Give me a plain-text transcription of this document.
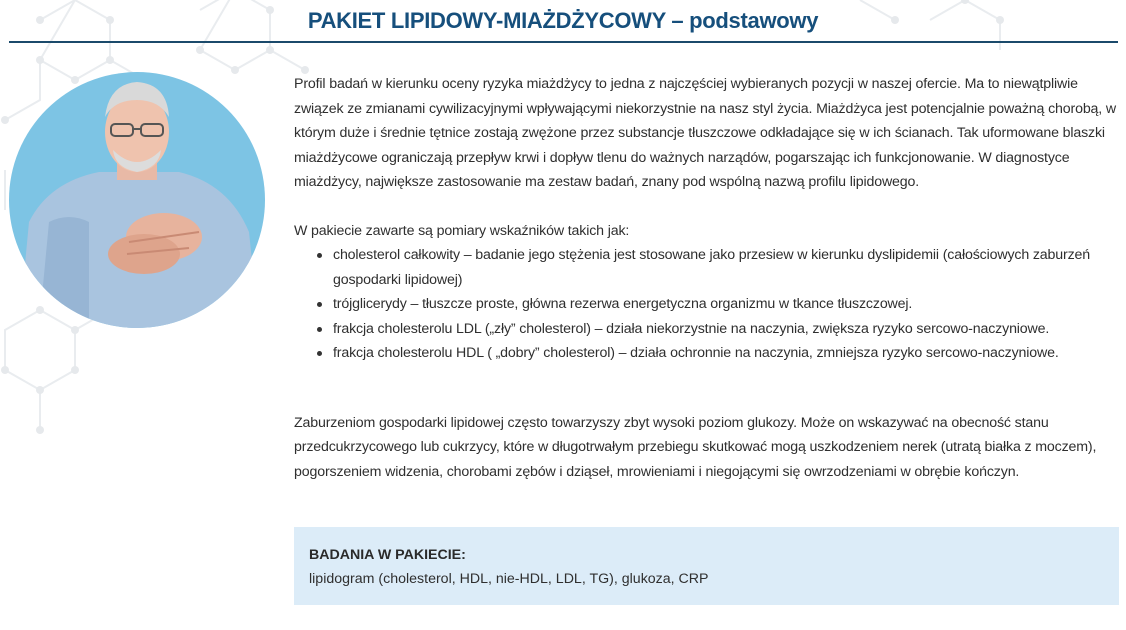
PAKIET LIPIDOWY-MIAŻDŻYCOWY – podstawowy

Profil badań w kierunku oceny ryzyka miażdżycy to jedna z najczęściej wybieranych pozycji w naszej ofercie. Ma to niewątpliwie związek ze zmianami cywilizacyjnymi wpływającymi niekorzystnie na nasz styl życia. Miażdżyca jest potencjalnie poważną chorobą, w którym duże i średnie tętnice zostają zwężone przez substancje tłuszczowe odkładające się w ich ścianach. Tak uformowane blaszki miażdżycowe ograniczają przepływ krwi i dopływ tlenu do ważnych narządów, pogarszając ich funkcjonowanie. W diagnostyce miażdżycy, największe zastosowanie ma zestaw badań, znany pod wspólną nazwą profilu lipidowego.

W pakiecie zawarte są pomiary wskaźników takich jak:

cholesterol całkowity – badanie jego stężenia jest stosowane jako przesiew w kierunku dyslipidemii (całościowych zaburzeń gospodarki lipidowej)
trójglicerydy – tłuszcze proste, główna rezerwa energetyczna organizmu w tkance tłuszczowej.
frakcja cholesterolu LDL („zły” cholesterol) – działa niekorzystnie na naczynia, zwiększa ryzyko sercowo-naczyniowe.
frakcja cholesterolu HDL ( „dobry” cholesterol) – działa ochronnie na naczynia, zmniejsza ryzyko sercowo-naczyniowe.

Zaburzeniom gospodarki lipidowej często towarzyszy zbyt wysoki poziom glukozy. Może on wskazywać na obecność stanu przedcukrzycowego lub cukrzycy, które w długotrwałym przebiegu skutkować mogą uszkodzeniem nerek (utratą białka z moczem), pogorszeniem widzenia, chorobami zębów i dziąseł, mrowieniami i niegojącymi się owrzodzeniami w obrębie kończyn.

BADANIA W PAKIECIE:
lipidogram (cholesterol, HDL, nie-HDL, LDL, TG), glukoza, CRP
